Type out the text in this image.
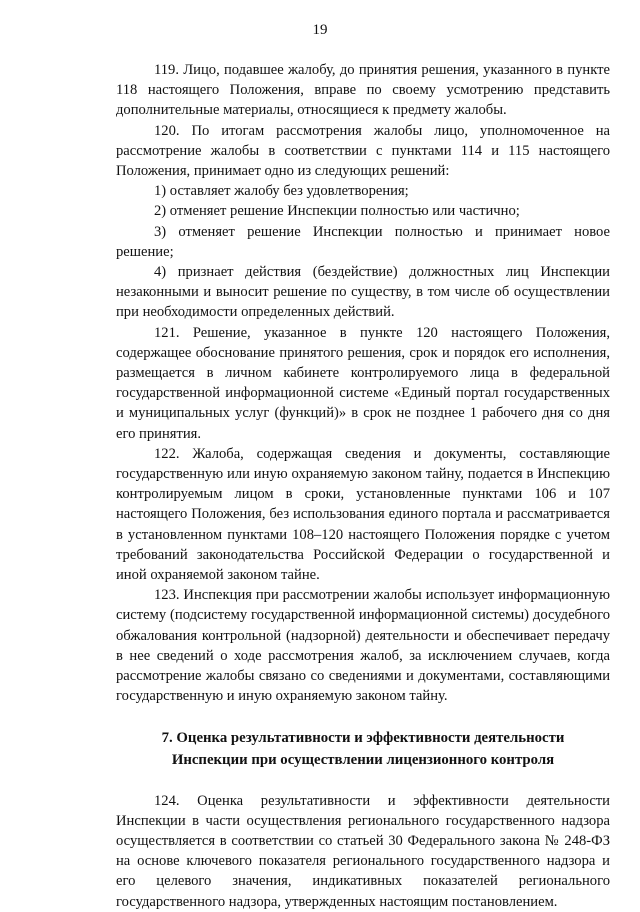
19

119. Лицо, подавшее жалобу, до принятия решения, указанного в пункте 118 настоящего Положения, вправе по своему усмотрению представить дополнительные материалы, относящиеся к предмету жалобы.

120. По итогам рассмотрения жалобы лицо, уполномоченное на рассмотрение жалобы в соответствии с пунктами 114 и 115 настоящего Положения, принимает одно из следующих решений:

1) оставляет жалобу без удовлетворения;

2) отменяет решение Инспекции полностью или частично;

3) отменяет решение Инспекции полностью и принимает новое решение;

4) признает действия (бездействие) должностных лиц Инспекции незаконными и выносит решение по существу, в том числе об осуществлении при необходимости определенных действий.

121. Решение, указанное в пункте 120 настоящего Положения, содержащее обоснование принятого решения, срок и порядок его исполнения, размещается в личном кабинете контролируемого лица в федеральной государственной информационной системе «Единый портал государственных и муниципальных услуг (функций)» в срок не позднее 1 рабочего дня со дня его принятия.

122. Жалоба, содержащая сведения и документы, составляющие государственную или иную охраняемую законом тайну, подается в Инспекцию контролируемым лицом в сроки, установленные пунктами 106 и 107 настоящего Положения, без использования единого портала и рассматривается в установленном пунктами 108–120 настоящего Положения порядке с учетом требований законодательства Российской Федерации о государственной и иной охраняемой законом тайне.

123. Инспекция при рассмотрении жалобы использует информационную систему (подсистему государственной информационной системы) досудебного обжалования контрольной (надзорной) деятельности и обеспечивает передачу в нее сведений о ходе рассмотрения жалоб, за исключением случаев, когда рассмотрение жалобы связано со сведениями и документами, составляющими государственную и иную охраняемую законом тайну.

7. Оценка результативности и эффективности деятельности
Инспекции при осуществлении лицензионного контроля

124. Оценка результативности и эффективности деятельности Инспекции в части осуществления регионального государственного надзора осуществляется в соответствии со статьей 30 Федерального закона № 248-ФЗ на основе ключевого показателя регионального государственного надзора и его целевого значения, индикативных показателей регионального государственного надзора, утвержденных настоящим постановлением.
